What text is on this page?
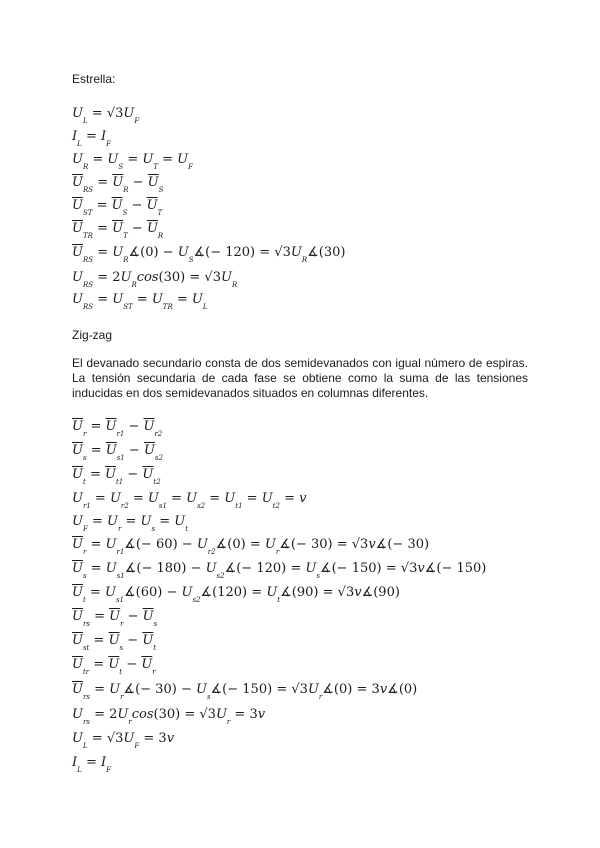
Estrella:
$U_L = √3U_F$
$I_L = I_F$
$U_R = U_S = U_T = U_F$
$\overline{U}_{RS} = \overline{U}_R - \overline{U}_S$
$\overline{U}_{ST} = \overline{U}_S - \overline{U}_T$
$\overline{U}_{TR} = \overline{U}_T - \overline{U}_R$
$\overline{U}_{RS}$ = $U_R∡(0)$ − $U_S∡(- 120)$ = $√3U_R∡(30)$
$U_{RS} = 2U_R\cos(30) = √3U_R$
$U_{RS} = U_{ST} = U_{TR} = U_L$
Zig-zag
El devanado secundario consta de dos semidevanados con igual número de espiras. La tensión secundaria de cada fase se obtiene como la suma de las tensiones inducidas en dos semidevanados situados en columnas diferentes.
$\overline{U}_r = \overline{U}_{r1} - \overline{U}_{r2}$
$\overline{U}_s = \overline{U}_{s1} - \overline{U}_{s2}$
$\overline{U}_t = \overline{U}_{t1} - \overline{U}_{t2}$
$U_{r1} = U_{r2} = U_{s1} = U_{s2} = U_{t1} = U_{t2} = v$
$U_F = U_r = U_s = U_t$
$\overline{U}_r$ = $U_{r1}∡(- 60)$ − $U_{r2}∡(0)$ = $U_r∡(- 30)$ = √3v∡(− 30)
$\overline{U}_s$ = $U_{s1}∡(- 180)$ − $U_{s2}∡(- 120)$ = $U_s∡(- 150)$ = √3v∡(− 150)
$\overline{U}_t$ = $U_{s1}∡(60)$ − $U_{s2}∡(120)$ = $U_t∡(90)$ = √3v∡(90)
$\overline{U}_{rs} = \overline{U}_r - \overline{U}_s$
$\overline{U}_{st} = \overline{U}_s - \overline{U}_t$
$\overline{U}_{tr} = \overline{U}_t - \overline{U}_r$
$\overline{U}_{rs}$ = $U_r∡(- 30)$ − $U_s∡(- 150)$ = $√3U_r∡(0)$ = 3v∡(0)
$U_{rs} = 2U_r\cos(30) = √3U_r = 3v$
$U_L = √3U_F = 3v$
$I_L = I_F$
